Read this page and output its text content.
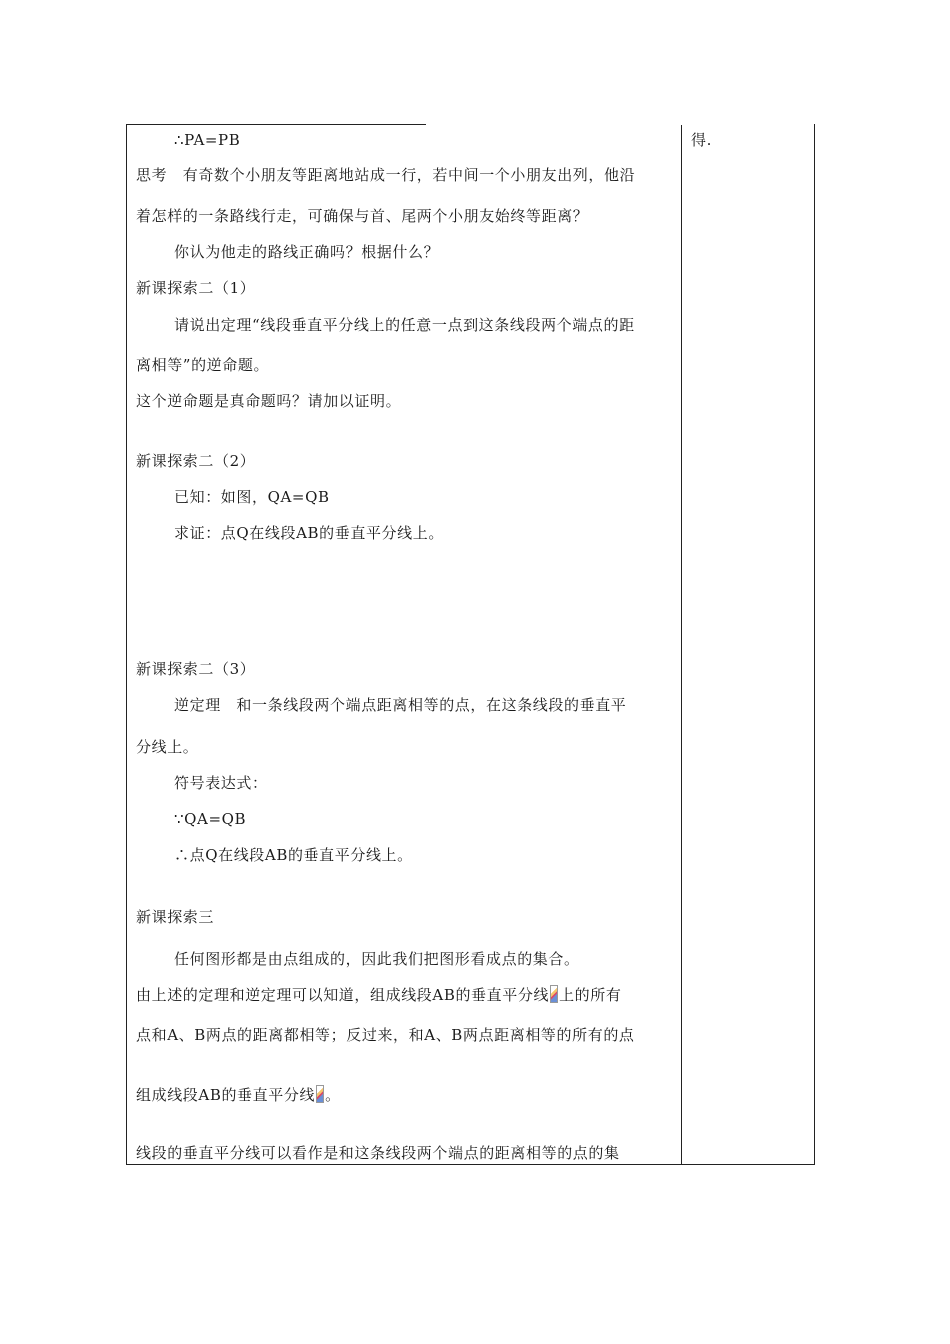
∴PA=PB
思考　有奇数个小朋友等距离地站成一行，若中间一个小朋友出列，他沿
着怎样的一条路线行走，可确保与首、尾两个小朋友始终等距离？
你认为他走的路线正确吗？根据什么？
新课探索二（1）
请说出定理“线段垂直平分线上的任意一点到这条线段两个端点的距
离相等”的逆命题。
这个逆命题是真命题吗？请加以证明。
新课探索二（2）
已知：如图，QA=QB
求证：点Q在线段AB的垂直平分线上。
新课探索二（3）
逆定理　和一条线段两个端点距离相等的点，在这条线段的垂直平
分线上。
符号表达式：
∵QA=QB
∴点Q在线段AB的垂直平分线上。
新课探索三
任何图形都是由点组成的，因此我们把图形看成点的集合。
由上述的定理和逆定理可以知道，组成线段AB的垂直平分线 上的所有
点和A、B两点的距离都相等；反过来，和A、B两点距离相等的所有的点
组成线段AB的垂直平分线 。
线段的垂直平分线可以看作是和这条线段两个端点的距离相等的点的集
得.
